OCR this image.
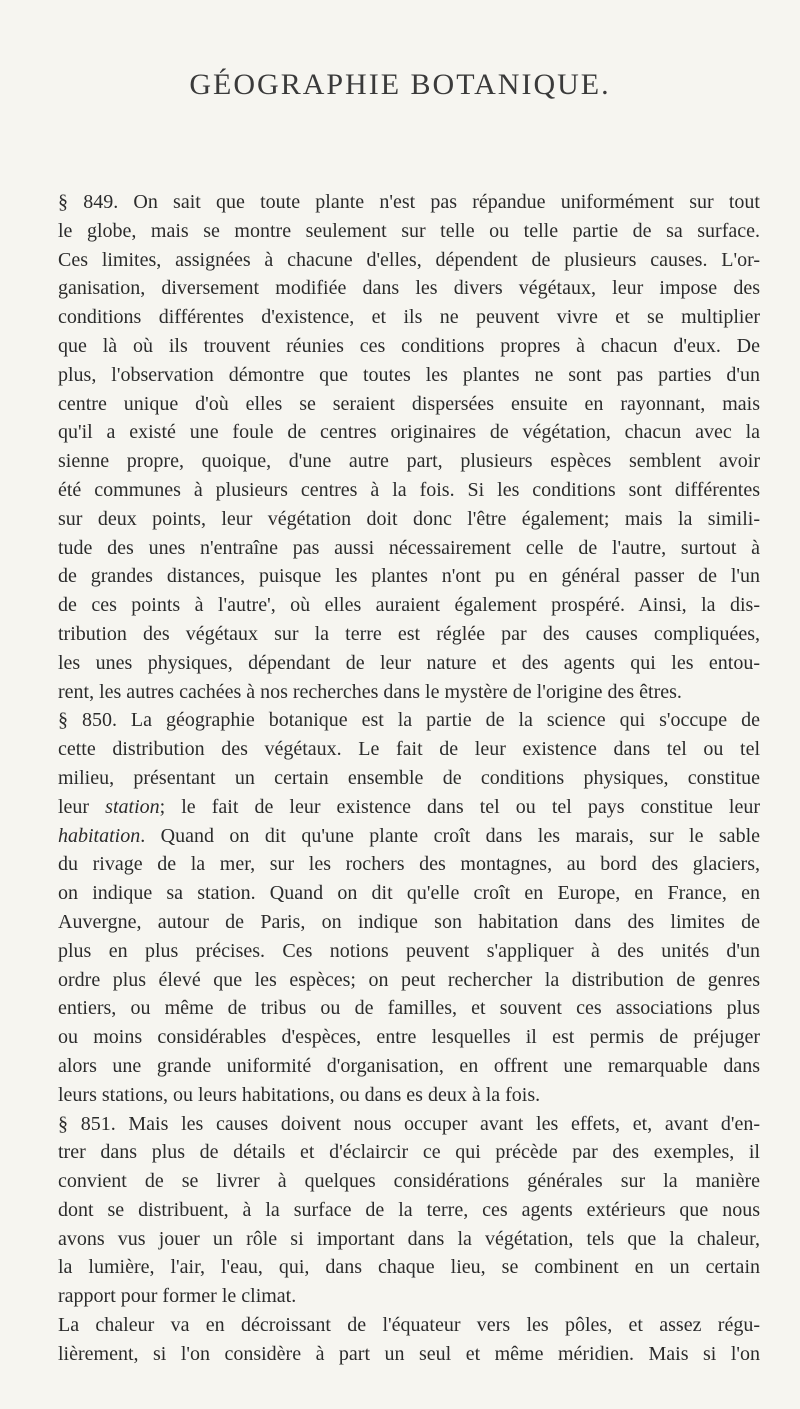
GÉOGRAPHIE BOTANIQUE.
§ 849. On sait que toute plante n'est pas répandue uniformément sur tout
le globe, mais se montre seulement sur telle ou telle partie de sa surface.
Ces limites, assignées à chacune d'elles, dépendent de plusieurs causes. L'or-
ganisation, diversement modifiée dans les divers végétaux, leur impose des
conditions différentes d'existence, et ils ne peuvent vivre et se multiplier
que là où ils trouvent réunies ces conditions propres à chacun d'eux. De
plus, l'observation démontre que toutes les plantes ne sont pas parties d'un
centre unique d'où elles se seraient dispersées ensuite en rayonnant, mais
qu'il a existé une foule de centres originaires de végétation, chacun avec la
sienne propre, quoique, d'une autre part, plusieurs espèces semblent avoir
été communes à plusieurs centres à la fois. Si les conditions sont différentes
sur deux points, leur végétation doit donc l'être également; mais la simili-
tude des unes n'entraîne pas aussi nécessairement celle de l'autre, surtout à
de grandes distances, puisque les plantes n'ont pu en général passer de l'un
de ces points à l'autre', où elles auraient également prospéré. Ainsi, la dis-
tribution des végétaux sur la terre est réglée par des causes compliquées,
les unes physiques, dépendant de leur nature et des agents qui les entou-
rent, les autres cachées à nos recherches dans le mystère de l'origine des êtres.
§ 850. La géographie botanique est la partie de la science qui s'occupe de
cette distribution des végétaux. Le fait de leur existence dans tel ou tel
milieu, présentant un certain ensemble de conditions physiques, constitue
leur station; le fait de leur existence dans tel ou tel pays constitue leur
habitation. Quand on dit qu'une plante croît dans les marais, sur le sable
du rivage de la mer, sur les rochers des montagnes, au bord des glaciers,
on indique sa station. Quand on dit qu'elle croît en Europe, en France, en
Auvergne, autour de Paris, on indique son habitation dans des limites de
plus en plus précises. Ces notions peuvent s'appliquer à des unités d'un
ordre plus élevé que les espèces; on peut rechercher la distribution de genres
entiers, ou même de tribus ou de familles, et souvent ces associations plus
ou moins considérables d'espèces, entre lesquelles il est permis de préjuger
alors une grande uniformité d'organisation, en offrent une remarquable dans
leurs stations, ou leurs habitations, ou dans es deux à la fois.
§ 851. Mais les causes doivent nous occuper avant les effets, et, avant d'en-
trer dans plus de détails et d'éclaircir ce qui précède par des exemples, il
convient de se livrer à quelques considérations générales sur la manière
dont se distribuent, à la surface de la terre, ces agents extérieurs que nous
avons vus jouer un rôle si important dans la végétation, tels que la chaleur,
la lumière, l'air, l'eau, qui, dans chaque lieu, se combinent en un certain
rapport pour former le climat.
La chaleur va en décroissant de l'équateur vers les pôles, et assez régu-
lièrement, si l'on considère à part un seul et même méridien. Mais si l'on
